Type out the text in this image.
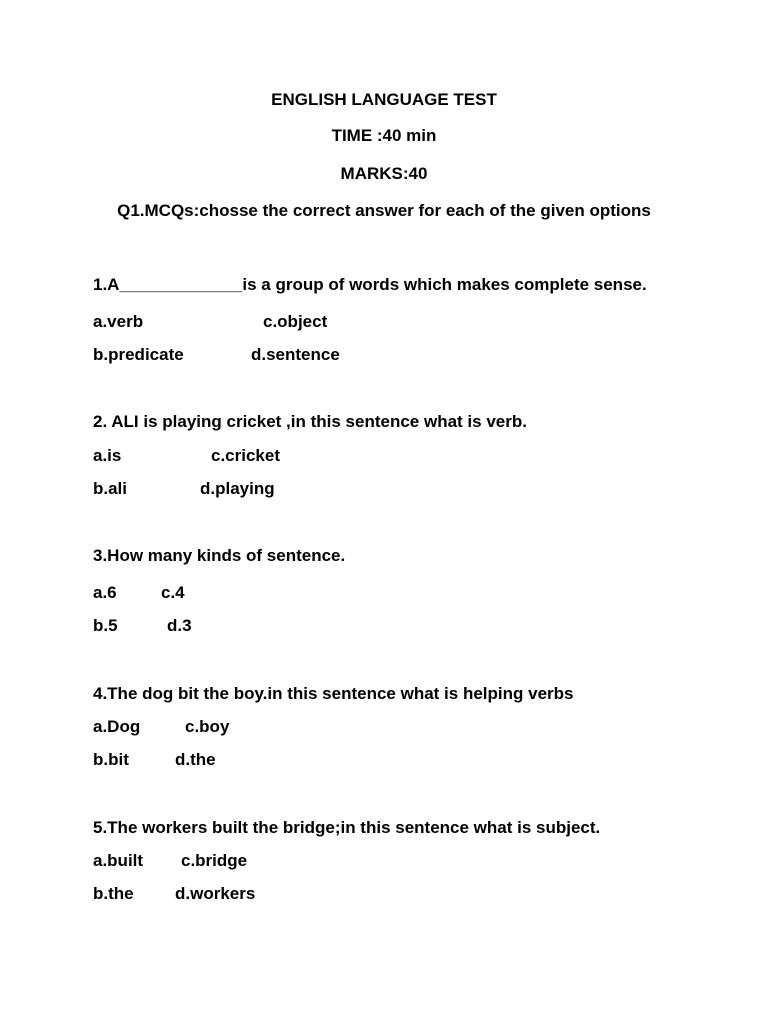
ENGLISH LANGUAGE TEST
TIME :40 min
MARKS:40
Q1.MCQs:chosse the correct answer for each of the given options
1.A_____________is a group of words which makes complete sense.
a.verb	c.object
b.predicate	d.sentence
2. ALI is playing cricket ,in this sentence what is verb.
a.is	c.cricket
b.ali	d.playing
3.How many kinds of sentence.
a.6	c.4
b.5	d.3
4.The dog bit the boy.in this sentence what is helping verbs
a.Dog	c.boy
b.bit	d.the
5.The workers built the bridge;in this sentence what is subject.
a.built c.bridge
b.the d.workers
